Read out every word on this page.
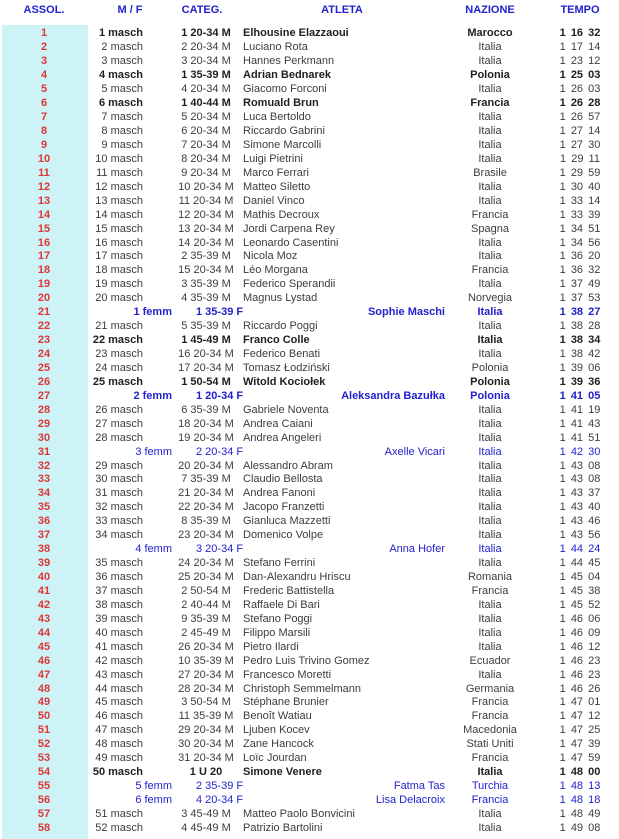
ASSOL.	M / F	CATEG.	ATLETA	NAZIONE	TEMPO
1	1 masch	1 20-34 M	Elhousine Elazzaoui	Marocco	1 16 32
2	2 masch	2 20-34 M	Luciano Rota	Italia	1 17 14
3	3 masch	3 20-34 M	Hannes Perkmann	Italia	1 23 12
4	4 masch	1 35-39 M	Adrian Bednarek	Polonia	1 25 03
5	5 masch	4 20-34 M	Giacomo Forconi	Italia	1 26 03
6	6 masch	1 40-44 M	Romuald Brun	Francia	1 26 28
7	7 masch	5 20-34 M	Luca Bertoldo	Italia	1 26 57
8	8 masch	6 20-34 M	Riccardo Gabrini	Italia	1 27 14
9	9 masch	7 20-34 M	Simone Marcolli	Italia	1 27 30
10	10 masch	8 20-34 M	Luigi Pietrini	Italia	1 29 11
11	11 masch	9 20-34 M	Marco Ferrari	Brasile	1 29 59
12	12 masch	10 20-34 M Matteo Siletto	Italia	1 30 40
13	13 masch	11 20-34 M Daniel Vinco	Italia	1 33 14
14	14 masch	12 20-34 M Mathis Decroux	Francia	1 33 39
15	15 masch	13 20-34 M Jordi Carpena Rey	Spagna	1 34 51
16	16 masch	14 20-34 M Leonardo Casentini	Italia	1 34 56
17	17 masch	2 35-39 M	Nicola Moz	Italia	1 36 20
18	18 masch	15 20-34 M Léo Morgana	Francia	1 36 32
19	19 masch	3 35-39 M	Federico Sperandii	Italia	1 37 49
20	20 masch	4 35-39 M	Magnus Lystad	Norvegia	1 37 53
21	1 femm	1 35-39 F	Sophie Maschi	Italia	1 38 27
22	21 masch	5 35-39 M	Riccardo Poggi	Italia	1 38 28
23	22 masch	1 45-49 M	Franco Colle	Italia	1 38 34
24	23 masch	16 20-34 M Federico Benati	Italia	1 38 42
25	24 masch	17 20-34 M Tomasz Łodziński	Polonia	1 39 06
26	25 masch	1 50-54 M	Witold Kociołek	Polonia	1 39 36
27	2 femm	1 20-34 F	Aleksandra Bazułka	Polonia	1 41 05
28	26 masch	6 35-39 M	Gabriele Noventa	Italia	1 41 19
29	27 masch	18 20-34 M Andrea Caiani	Italia	1 41 43
30	28 masch	19 20-34 M Andrea Angeleri	Italia	1 41 51
31	3 femm	2 20-34 F	Axelle Vicari	Italia	1 42 30
32	29 masch	20 20-34 M Alessandro Abram	Italia	1 43 08
33	30 masch	7 35-39 M	Claudio Bellosta	Italia	1 43 08
34	31 masch	21 20-34 M Andrea Fanoni	Italia	1 43 37
35	32 masch	22 20-34 M Jacopo Franzetti	Italia	1 43 40
36	33 masch	8 35-39 M	Gianluca Mazzetti	Italia	1 43 46
37	34 masch	23 20-34 M Domenico Volpe	Italia	1 43 56
38	4 femm	3 20-34 F	Anna Hofer	Italia	1 44 24
39	35 masch	24 20-34 M Stefano Ferrini	Italia	1 44 45
40	36 masch	25 20-34 M Dan-Alexandru Hriscu	Romania	1 45 04
41	37 masch	2 50-54 M	Frederic Battistella	Francia	1 45 38
42	38 masch	2 40-44 M	Raffaele Di Bari	Italia	1 45 52
43	39 masch	9 35-39 M	Stefano Poggi	Italia	1 46 06
44	40 masch	2 45-49 M	Filippo Marsili	Italia	1 46 09
45	41 masch	26 20-34 M Pietro Ilardi	Italia	1 46 12
46	42 masch	10 35-39 M Pedro Luis Trivino Gomez	Ecuador	1 46 23
47	43 masch	27 20-34 M Francesco Moretti	Italia	1 46 23
48	44 masch	28 20-34 M Christoph Semmelmann	Germania	1 46 26
49	45 masch	3 50-54 M	Stéphane Brunier	Francia	1 47 01
50	46 masch	11 35-39 M Benoît Watiau	Francia	1 47 12
51	47 masch	29 20-34 M Ljuben Kocev	Macedonia	1 47 25
52	48 masch	30 20-34 M Zane Hancock	Stati Uniti	1 47 39
53	49 masch	31 20-34 M Loïc Jourdan	Francia	1 47 59
54	50 masch	1 U 20	Simone Venere	Italia	1 48 00
55	5 femm	2 35-39 F	Fatma Tas	Turchia	1 48 13
56	6 femm	4 20-34 F	Lisa Delacroix	Francia	1 48 18
57	51 masch	3 45-49 M	Matteo Paolo Bonvicini	Italia	1 48 49
58	52 masch	4 45-49 M	Patrizio Bartolini	Italia	1 49 08
